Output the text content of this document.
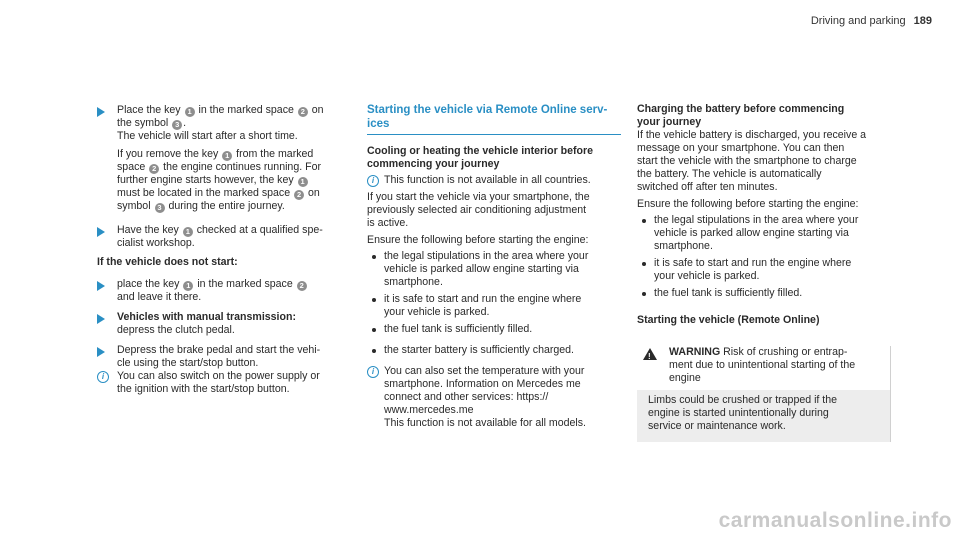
Driving and parking 189
Place the key 1 in the marked space 2 on
the symbol 3 .
The vehicle will start after a short time.
If you remove the key 1 from the marked
space 2 the engine continues running. For
further engine starts however, the key 1
must be located in the marked space 2 on
symbol 3 during the entire journey.
Have the key 1 checked at a qualified spe-
cialist workshop.
If the vehicle does not start:
place the key 1 in the marked space 2
and leave it there.
Vehicles with manual transmission:
depress the clutch pedal.
Depress the brake pedal and start the vehi-
cle using the start/stop button.
i	You can also switch on the power supply or
the ignition with the start/stop button.
Starting the vehicle via Remote Online serv-
ices
Cooling or heating the vehicle interior before
commencing your journey
i This function is not available in all countries.
If you start the vehicle via your smartphone, the
previously selected air conditioning adjustment
is active.
Ensure the following before starting the engine:
the legal stipulations in the area where your
vehicle is parked allow engine starting via
smartphone.
it is safe to start and run the engine where
your vehicle is parked.
the fuel tank is sufficiently filled.
the starter battery is sufficiently charged.
i You can also set the temperature with your
smartphone. Information on Mercedes me
connect and other services: https://
www.mercedes.me
This function is not available for all models.
Charging the battery before commencing
your journey
If the vehicle battery is discharged, you receive a
message on your smartphone. You can then
start the vehicle with the smartphone to charge
the battery. The vehicle is automatically
switched off after ten minutes.
Ensure the following before starting the engine:
the legal stipulations in the area where your
vehicle is parked allow engine starting via
smartphone.
it is safe to start and run the engine where
your vehicle is parked.
the fuel tank is sufficiently filled.
Starting the vehicle (Remote Online)
!
WARNING Risk of crushing or entrap-
ment due to unintentional starting of the
engine
Limbs could be crushed or trapped if the
engine is started unintentionally during
service or maintenance work.
carmanualsonline.info
